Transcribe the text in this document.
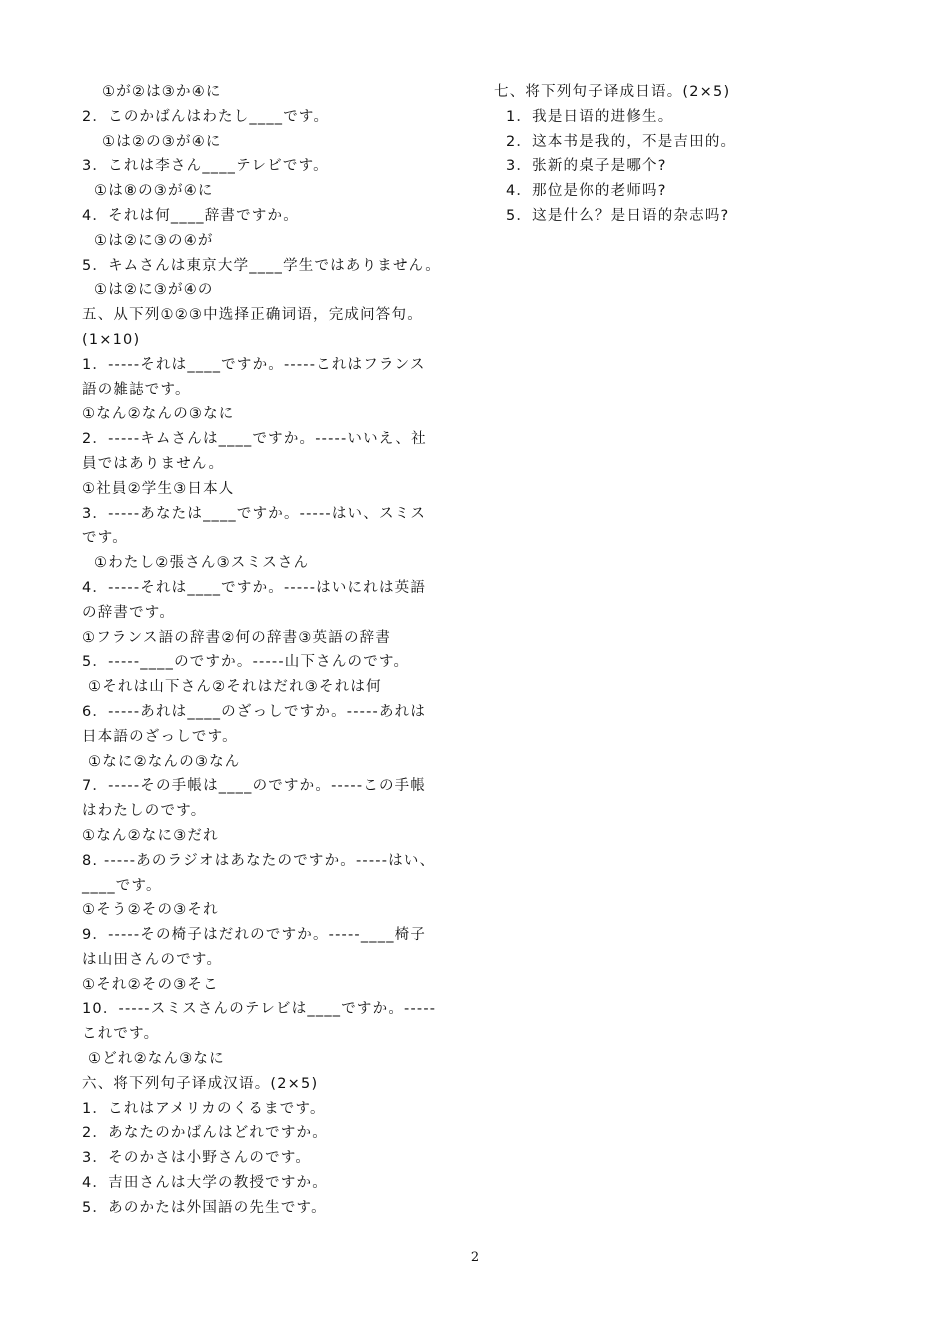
①が②は③か④に
2．このかばんはわたし____です。
①は②の③が④に
3．これは李さん____テレビです。
①は⑧の③が④に
4．それは何____辞書ですか。
①は②に③の④が
5．キムさんは東京大学____学生ではありません。
①は②に③が④の
五、从下列①②③中选择正确词语，完成问答句。
(1×10)
1．-----それは____ですか。-----これはフランス
語の雑誌です。
①なん②なんの③なに
2．-----キムさんは____ですか。-----いいえ、社
員ではありません。
①社員②学生③日本人
3．-----あなたは____ですか。-----はい、スミス
です。
①わたし②張さん③スミスさん
4．-----それは____ですか。-----はいにれは英語
の辞書です。
①フランス語の辞書②何の辞書③英語の辞書
5．-----____のですか。-----山下さんのです。
①それは山下さん②それはだれ③それは何
6．-----あれは____のざっしですか。-----あれは
日本語のざっしです。
①なに②なんの③なん
7．-----その手帳は____のですか。-----この手帳
はわたしのです。
①なん②なに③だれ
8. -----あのラジオはあなたのですか。-----はい、
____です。
①そう②その③それ
9．-----その椅子はだれのですか。-----____椅子
は山田さんのです。
①それ②その③そこ
10．-----スミスさんのテレビは____ですか。-----
これです。
①どれ②なん③なに
六、将下列句子译成汉语。(2×5)
1．これはアメリカのくるまです。
2．あなたのかばんはどれですか。
3．そのかさは小野さんのです。
4．吉田さんは大学の教授ですか。
5．あのかたは外国語の先生です。
七、将下列句子译成日语。(2×5)
1．我是日语的进修生。
2．这本书是我的，不是吉田的。
3．张新的桌子是哪个?
4．那位是你的老师吗?
5．这是什么？是日语的杂志吗?
2
